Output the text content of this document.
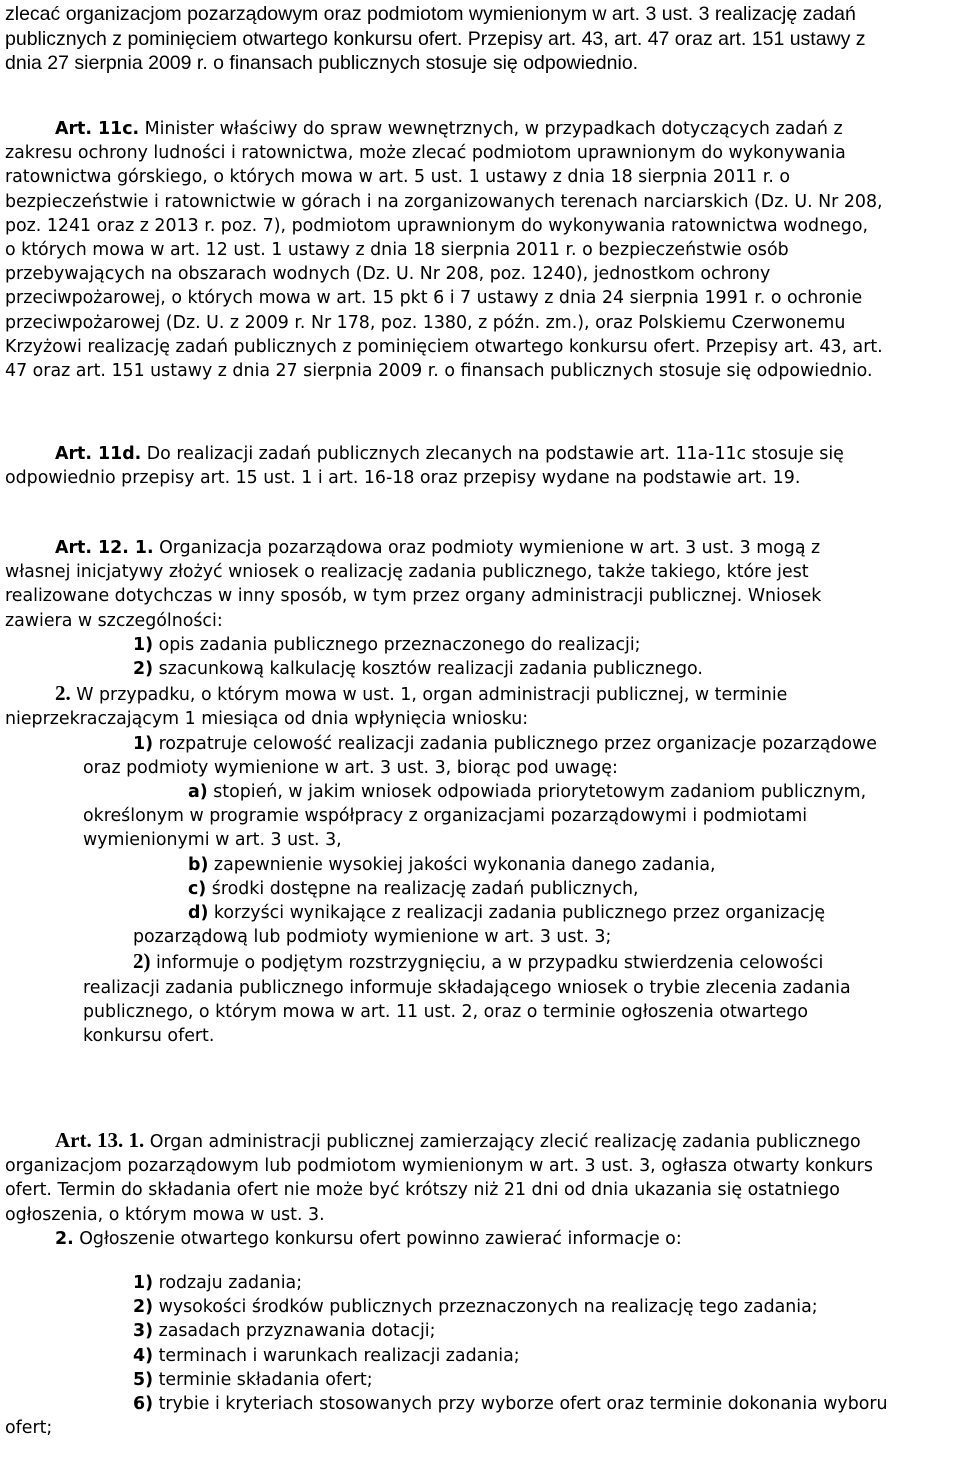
zlecać organizacjom pozarządowym oraz podmiotom wymienionym w art. 3 ust. 3 realizację zadań
publicznych z pominięciem otwartego konkursu ofert. Przepisy art. 43, art. 47 oraz art. 151 ustawy z
dnia 27 sierpnia 2009 r. o finansach publicznych stosuje się odpowiednio.
Art. 11c. Minister właściwy do spraw wewnętrznych, w przypadkach dotyczących zadań z
zakresu ochrony ludności i ratownictwa, może zlecać podmiotom uprawnionym do wykonywania
ratownictwa górskiego, o których mowa w art. 5 ust. 1 ustawy z dnia 18 sierpnia 2011 r. o
bezpieczeństwie i ratownictwie w górach i na zorganizowanych terenach narciarskich (Dz. U. Nr 208,
poz. 1241 oraz z 2013 r. poz. 7), podmiotom uprawnionym do wykonywania ratownictwa wodnego,
o których mowa w art. 12 ust. 1 ustawy z dnia 18 sierpnia 2011 r. o bezpieczeństwie osób
przebywających na obszarach wodnych (Dz. U. Nr 208, poz. 1240), jednostkom ochrony
przeciwpożarowej, o których mowa w art. 15 pkt 6 i 7 ustawy z dnia 24 sierpnia 1991 r. o ochronie
przeciwpożarowej (Dz. U. z 2009 r. Nr 178, poz. 1380, z późn. zm.), oraz Polskiemu Czerwonemu
Krzyżowi realizację zadań publicznych z pominięciem otwartego konkursu ofert. Przepisy art. 43, art.
47 oraz art. 151 ustawy z dnia 27 sierpnia 2009 r. o finansach publicznych stosuje się odpowiednio.
Art. 11d. Do realizacji zadań publicznych zlecanych na podstawie art. 11a-11c stosuje się
odpowiednio przepisy art. 15 ust. 1 i art. 16-18 oraz przepisy wydane na podstawie art. 19.
Art. 12. 1. Organizacja pozarządowa oraz podmioty wymienione w art. 3 ust. 3 mogą z
własnej inicjatywy złożyć wniosek o realizację zadania publicznego, także takiego, które jest
realizowane dotychczas w inny sposób, w tym przez organy administracji publicznej. Wniosek
zawiera w szczególności:
1) opis zadania publicznego przeznaczonego do realizacji;
2) szacunkową kalkulację kosztów realizacji zadania publicznego.
2. W przypadku, o którym mowa w ust. 1, organ administracji publicznej, w terminie
nieprzekraczającym 1 miesiąca od dnia wpłynięcia wniosku:
1) rozpatruje celowość realizacji zadania publicznego przez organizacje pozarządowe
oraz podmioty wymienione w art. 3 ust. 3, biorąc pod uwagę:
a) stopień, w jakim wniosek odpowiada priorytetowym zadaniom publicznym,
określonym w programie współpracy z organizacjami pozarządowymi i podmiotami
wymienionymi w art. 3 ust. 3,
b) zapewnienie wysokiej jakości wykonania danego zadania,
c) środki dostępne na realizację zadań publicznych,
d) korzyści wynikające z realizacji zadania publicznego przez organizację
pozarządową lub podmioty wymienione w art. 3 ust. 3;
2) informuje o podjętym rozstrzygnięciu, a w przypadku stwierdzenia celowości
realizacji zadania publicznego informuje składającego wniosek o trybie zlecenia zadania
publicznego, o którym mowa w art. 11 ust. 2, oraz o terminie ogłoszenia otwartego
konkursu ofert.
Art. 13. 1. Organ administracji publicznej zamierzający zlecić realizację zadania publicznego
organizacjom pozarządowym lub podmiotom wymienionym w art. 3 ust. 3, ogłasza otwarty konkurs
ofert. Termin do składania ofert nie może być krótszy niż 21 dni od dnia ukazania się ostatniego
ogłoszenia, o którym mowa w ust. 3.
2. Ogłoszenie otwartego konkursu ofert powinno zawierać informacje o:
1) rodzaju zadania;
2) wysokości środków publicznych przeznaczonych na realizację tego zadania;
3) zasadach przyznawania dotacji;
4) terminach i warunkach realizacji zadania;
5) terminie składania ofert;
6) trybie i kryteriach stosowanych przy wyborze ofert oraz terminie dokonania wyboru
ofert;
